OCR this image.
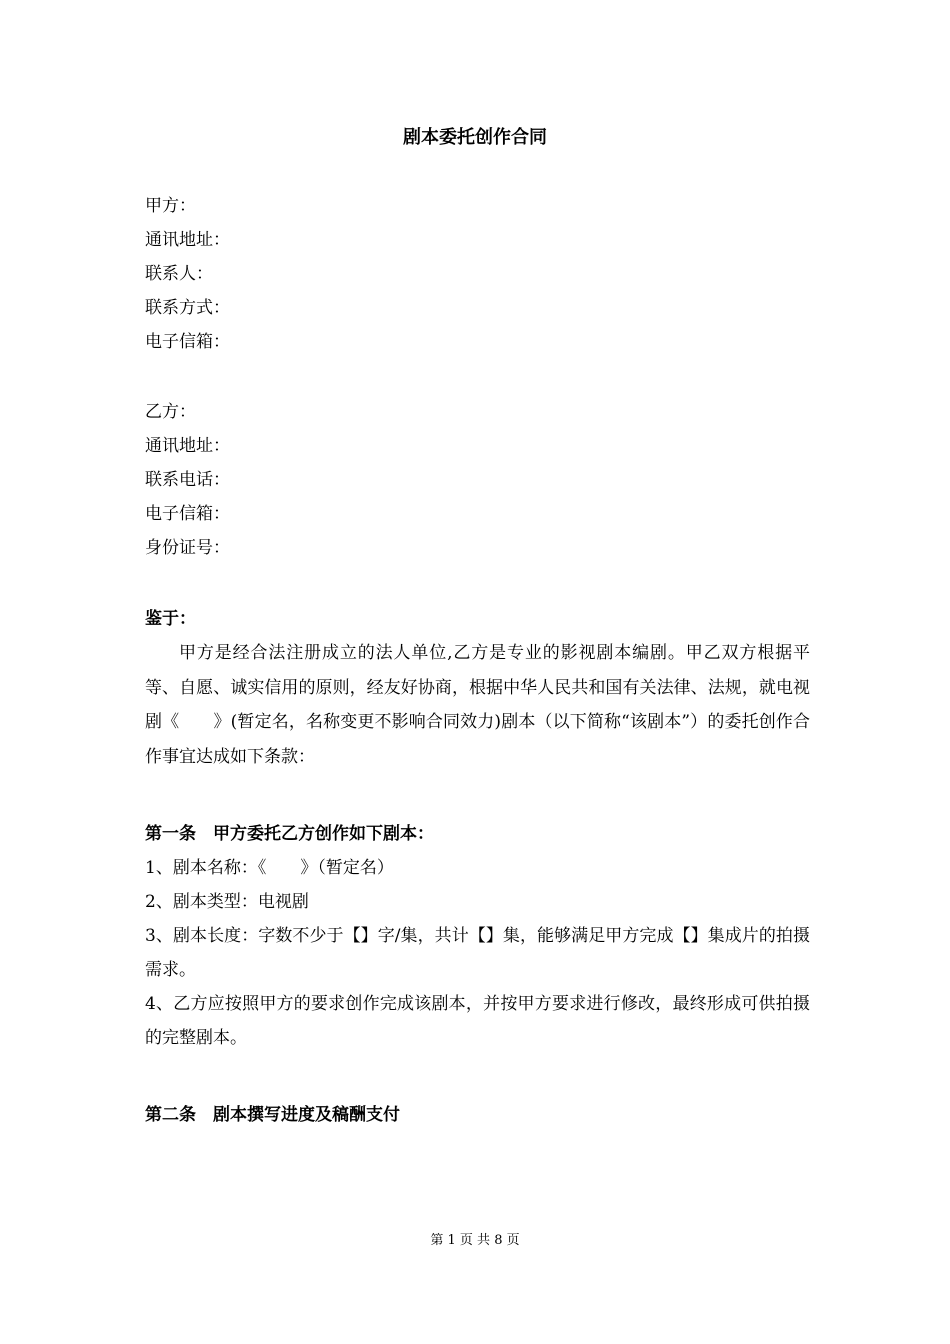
剧本委托创作合同
甲方：
通讯地址：
联系人：
联系方式：
电子信箱：
乙方：
通讯地址：
联系电话：
电子信箱：
身份证号：
鉴于：

甲方是经合法注册成立的法人单位,乙方是专业的影视剧本编剧。甲乙双方根据平等、自愿、诚实信用的原则，经友好协商，根据中华人民共和国有关法律、法规，就电视剧《　　》(暂定名，名称变更不影响合同效力)剧本（以下简称“该剧本”）的委托创作合作事宜达成如下条款：

第一条　甲方委托乙方创作如下剧本：

1、剧本名称：《　　》（暂定名）

2、剧本类型：电视剧

3、剧本长度：字数不少于【】字/集，共计【】集，能够满足甲方完成【】集成片的拍摄需求。

4、乙方应按照甲方的要求创作完成该剧本，并按甲方要求进行修改，最终形成可供拍摄的完整剧本。

第二条　剧本撰写进度及稿酬支付
第 1 页 共 8 页
